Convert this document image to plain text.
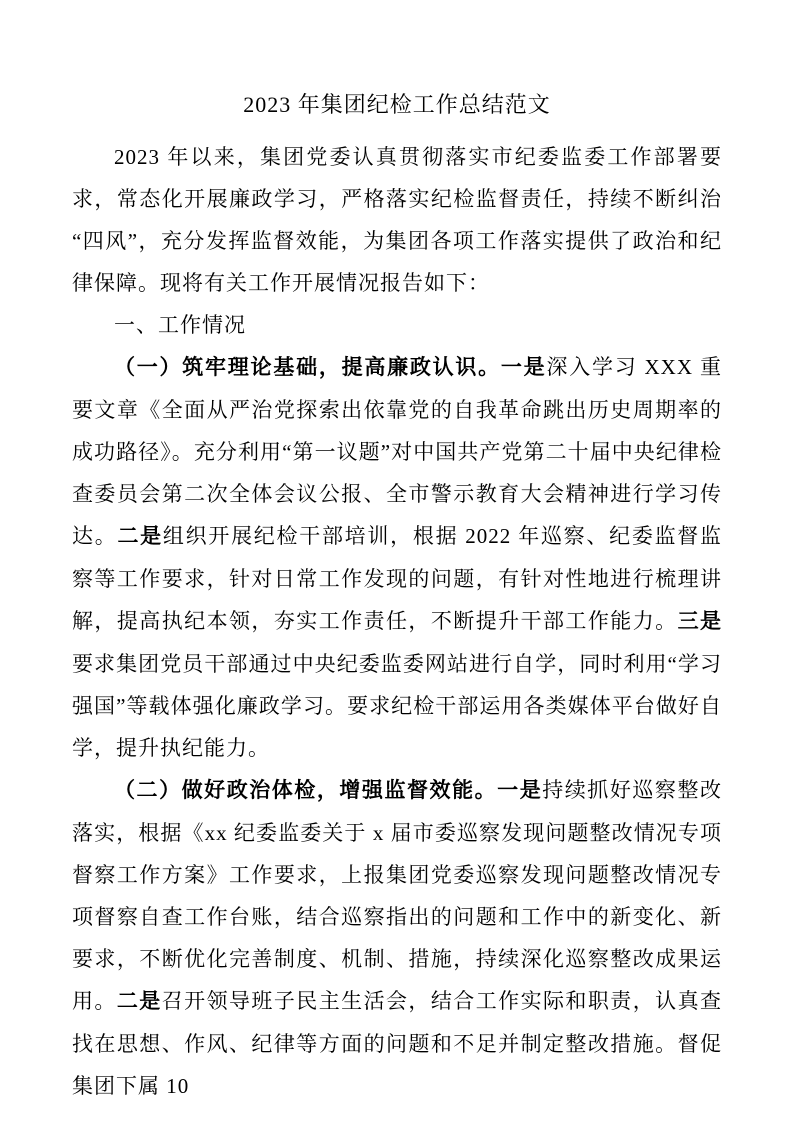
2023 年集团纪检工作总结范文

2023 年以来，集团党委认真贯彻落实市纪委监委工作部署要求，常态化开展廉政学习，严格落实纪检监督责任，持续不断纠治“四风”，充分发挥监督效能，为集团各项工作落实提供了政治和纪律保障。现将有关工作开展情况报告如下：

一、工作情况

（一）筑牢理论基础，提高廉政认识。一是深入学习 XXX 重要文章《全面从严治党探索出依靠党的自我革命跳出历史周期率的成功路径》。充分利用“第一议题”对中国共产党第二十届中央纪律检查委员会第二次全体会议公报、全市警示教育大会精神进行学习传达。二是组织开展纪检干部培训，根据 2022 年巡察、纪委监督监察等工作要求，针对日常工作发现的问题，有针对性地进行梳理讲解，提高执纪本领，夯实工作责任，不断提升干部工作能力。三是要求集团党员干部通过中央纪委监委网站进行自学，同时利用“学习强国”等载体强化廉政学习。要求纪检干部运用各类媒体平台做好自学，提升执纪能力。

（二）做好政治体检，增强监督效能。一是持续抓好巡察整改落实，根据《xx 纪委监委关于 x 届市委巡察发现问题整改情况专项督察工作方案》工作要求，上报集团党委巡察发现问题整改情况专项督察自查工作台账，结合巡察指出的问题和工作中的新变化、新要求，不断优化完善制度、机制、措施，持续深化巡察整改成果运用。二是召开领导班子民主生活会，结合工作实际和职责，认真查找在思想、作风、纪律等方面的问题和不足并制定整改措施。督促集团下属 10
